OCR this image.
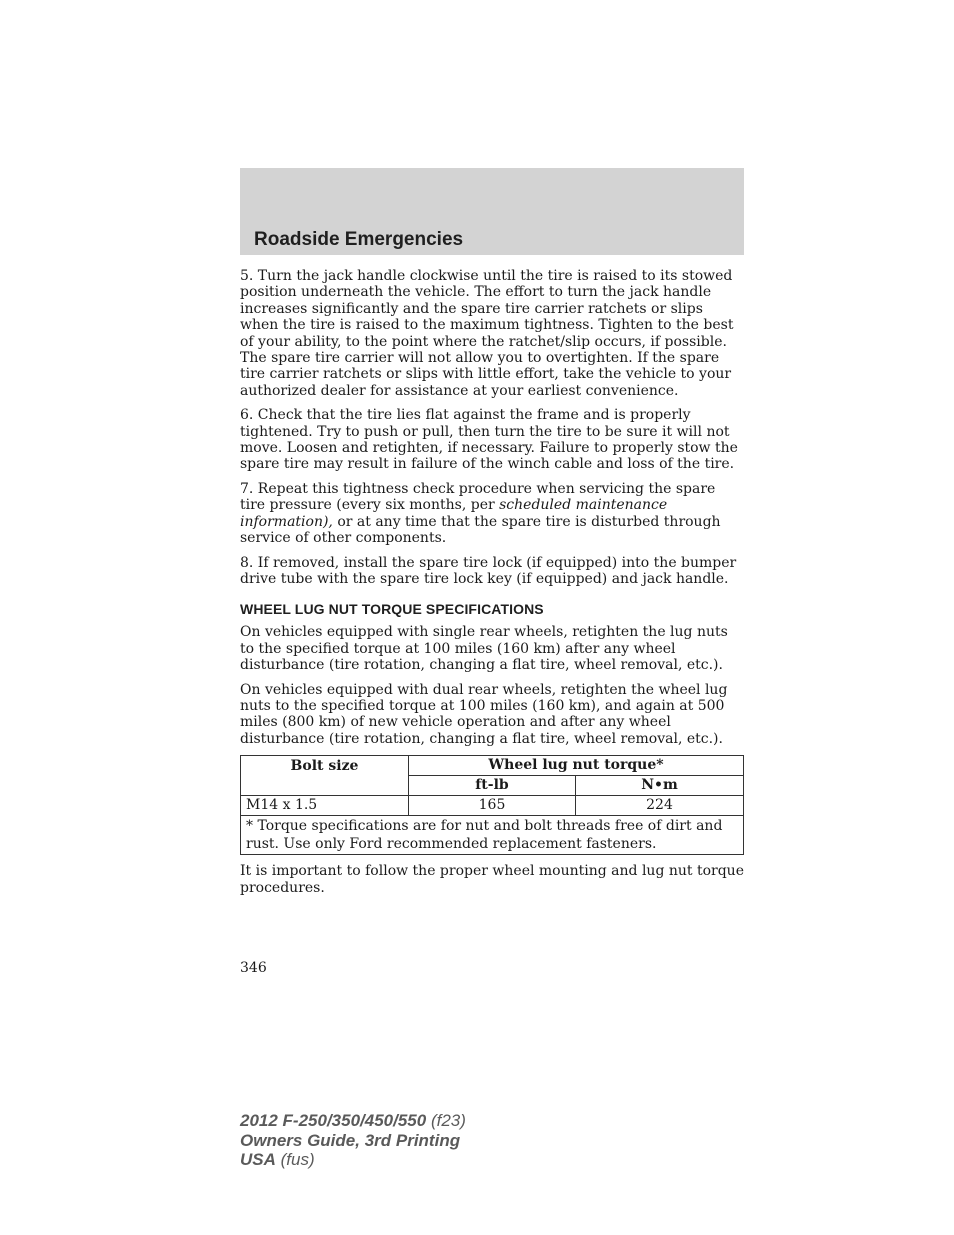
Roadside Emergencies

5. Turn the jack handle clockwise until the tire is raised to its stowed position underneath the vehicle. The effort to turn the jack handle increases significantly and the spare tire carrier ratchets or slips when the tire is raised to the maximum tightness. Tighten to the best of your ability, to the point where the ratchet/slip occurs, if possible. The spare tire carrier will not allow you to overtighten. If the spare tire carrier ratchets or slips with little effort, take the vehicle to your authorized dealer for assistance at your earliest convenience.

6. Check that the tire lies flat against the frame and is properly tightened. Try to push or pull, then turn the tire to be sure it will not move. Loosen and retighten, if necessary. Failure to properly stow the spare tire may result in failure of the winch cable and loss of the tire.

7. Repeat this tightness check procedure when servicing the spare tire pressure (every six months, per scheduled maintenance information), or at any time that the spare tire is disturbed through service of other components.

8. If removed, install the spare tire lock (if equipped) into the bumper drive tube with the spare tire lock key (if equipped) and jack handle.

WHEEL LUG NUT TORQUE SPECIFICATIONS

On vehicles equipped with single rear wheels, retighten the lug nuts to the specified torque at 100 miles (160 km) after any wheel disturbance (tire rotation, changing a flat tire, wheel removal, etc.).

On vehicles equipped with dual rear wheels, retighten the wheel lug nuts to the specified torque at 100 miles (160 km), and again at 500 miles (800 km) of new vehicle operation and after any wheel disturbance (tire rotation, changing a flat tire, wheel removal, etc.).

Bolt size	Wheel lug nut torque*	
	ft-lb	N•m
M14 x 1.5	165	224
* Torque specifications are for nut and bolt threads free of dirt and rust. Use only Ford recommended replacement fasteners.		

It is important to follow the proper wheel mounting and lug nut torque procedures.

346
2012 F-250/350/450/550 (f23)
Owners Guide, 3rd Printing
USA (fus)
